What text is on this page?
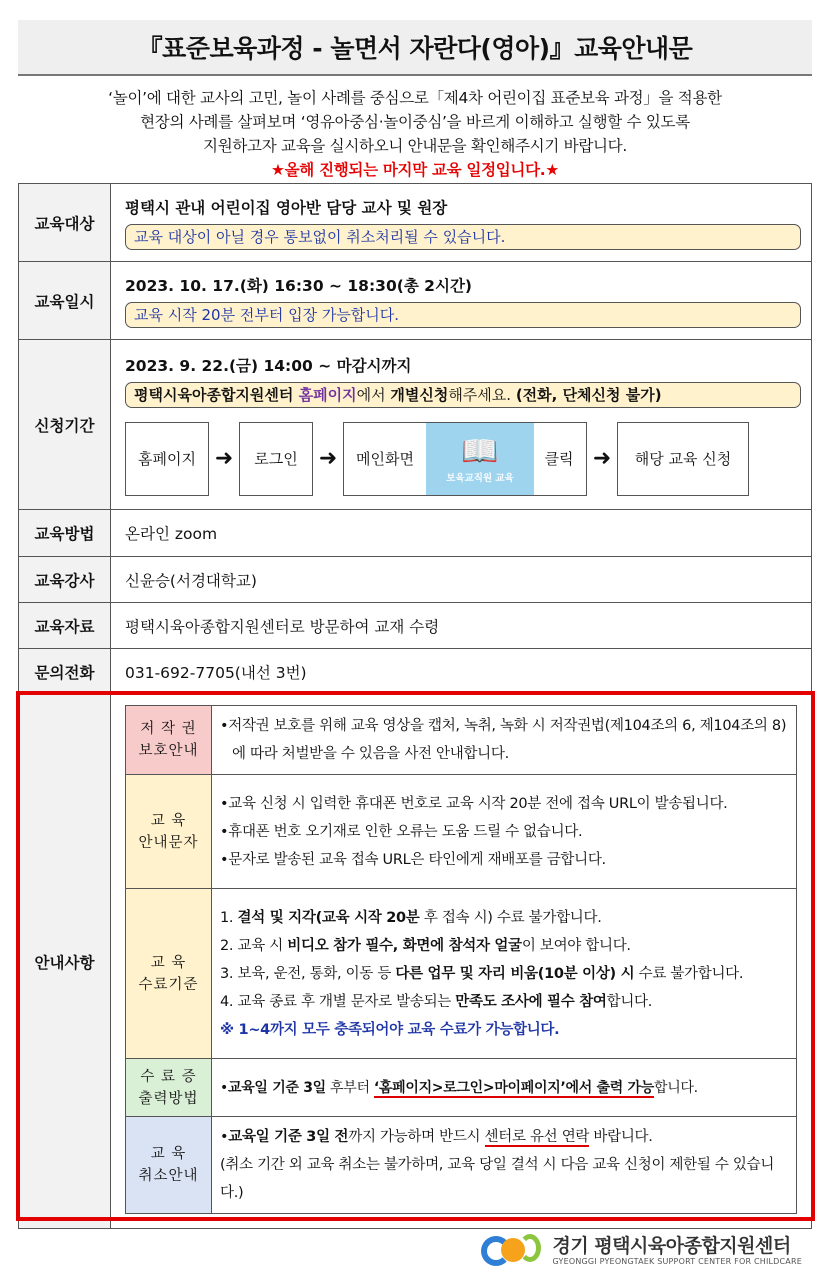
『표준보육과정 - 놀면서 자란다(영아)』교육안내문
‘놀이’에 대한 교사의 고민, 놀이 사례를 중심으로「제4차 어린이집 표준보육 과정」을 적용한
현장의 사례를 살펴보며 ‘영유아중심·놀이중심’을 바르게 이해하고 실행할 수 있도록
지원하고자 교육을 실시하오니 안내문을 확인해주시기 바랍니다.
★올해 진행되는 마지막 교육 일정입니다.★
교육대상	
평택시 관내 어린이집 영아반 담당 교사 및 원장
교육 대상이 아닐 경우 통보없이 취소처리될 수 있습니다.

교육일시	
2023. 10. 17.(화) 16:30 ~ 18:30(총 2시간)
교육 시작 20분 전부터 입장 가능합니다.

신청기간	
2023. 9. 22.(금) 14:00 ~ 마감시까지
평택시육아종합지원센터 홈페이지에서 개별신청해주세요. (전화, 단체신청 불가)
홈페이지 ➜	로그인 ➜	메인화면	📖
보육교직원 교육
클릭 ➜	해당 교육 신청

교육방법	온라인 zoom
교육강사	신윤승(서경대학교)
교육자료	평택시육아종합지원센터로 방문하여 교재 수령
문의전화	031-692-7705(내선 3번)
안내사항	
저 작 권
보호안내

•저작권 보호를 위해 교육 영상을 캡처, 녹취, 녹화 시 저작권법(제104조의 6, 제104조의 8)에 따라 처벌받을 수 있음을 사전 안내합니다.

교 육
안내문자

•교육 신청 시 입력한 휴대폰 번호로 교육 시작 20분 전에 접속 URL이 발송됩니다.
•휴대폰 번호 오기재로 인한 오류는 도움 드릴 수 없습니다.
•문자로 발송된 교육 접속 URL은 타인에게 재배포를 금합니다.

교 육
수료기준

1. 결석 및 지각(교육 시작 20분 후 접속 시) 수료 불가합니다.
2. 교육 시 비디오 참가 필수, 화면에 참석자 얼굴이 보여야 합니다.
3. 보육, 운전, 통화, 이동 등 다른 업무 및 자리 비움(10분 이상) 시 수료 불가합니다.
4. 교육 종료 후 개별 문자로 발송되는 만족도 조사에 필수 참여합니다.
※ 1~4까지 모두 충족되어야 교육 수료가 가능합니다.

수 료 증
출력방법
	•교육일 기준 3일 후부터 ‘홈페이지>로그인>마이페이지’에서 출력 가능합니다.

교 육
취소안내

•교육일 기준 3일 전까지 가능하며 반드시 센터로 유선 연락 바랍니다.
(취소 기간 외 교육 취소는 불가하며, 교육 당일 결석 시 다음 교육 신청이 제한될 수 있습니다.)
경기 평택시육아종합지원센터
GYEONGGI PYEONGTAEK SUPPORT CENTER FOR CHILDCARE
